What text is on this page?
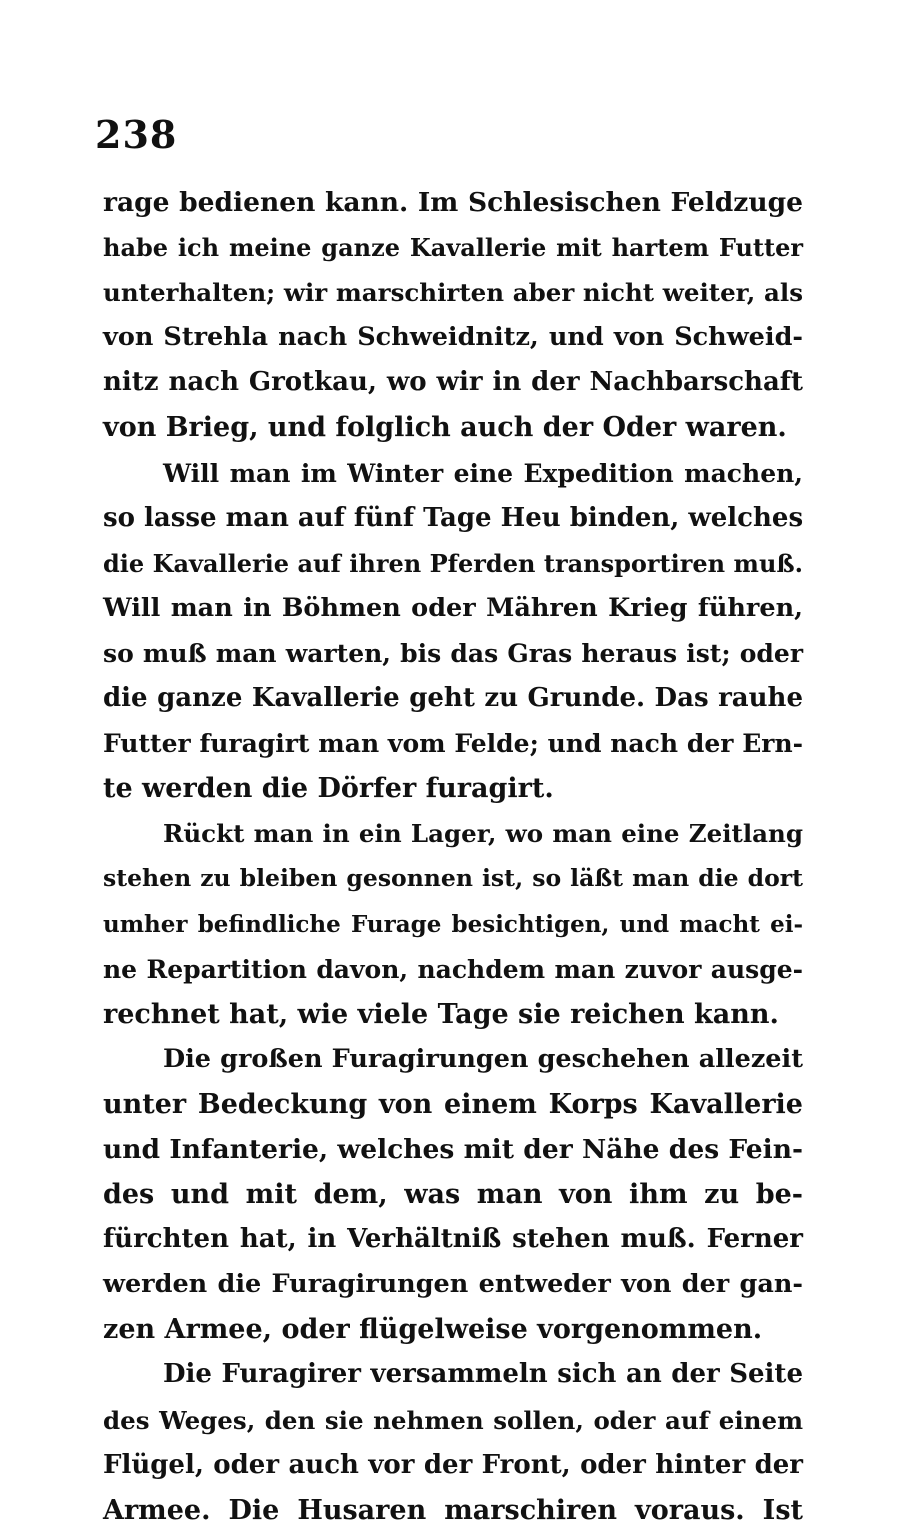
238
rage bedienen kann. Im Schlesischen Feldzuge
habe ich meine ganze Kavallerie mit hartem Futter
unterhalten; wir marschirten aber nicht weiter, als
von Strehla nach Schweidnitz, und von Schweid-
nitz nach Grotkau, wo wir in der Nachbarschaft
von Brieg, und folglich auch der Oder waren.
Will man im Winter eine Expedition machen,
so lasse man auf fünf Tage Heu binden, welches
die Kavallerie auf ihren Pferden transportiren muß.
Will man in Böhmen oder Mähren Krieg führen,
so muß man warten, bis das Gras heraus ist; oder
die ganze Kavallerie geht zu Grunde. Das rauhe
Futter furagirt man vom Felde; und nach der Ern-
te werden die Dörfer furagirt.
Rückt man in ein Lager, wo man eine Zeitlang
stehen zu bleiben gesonnen ist, so läßt man die dort
umher befindliche Furage besichtigen, und macht ei-
ne Repartition davon, nachdem man zuvor ausge-
rechnet hat, wie viele Tage sie reichen kann.
Die großen Furagirungen geschehen allezeit
unter Bedeckung von einem Korps Kavallerie
und Infanterie, welches mit der Nähe des Fein-
des und mit dem, was man von ihm zu be-
fürchten hat, in Verhältniß stehen muß. Ferner
werden die Furagirungen entweder von der gan-
zen Armee, oder flügelweise vorgenommen.
Die Furagirer versammeln sich an der Seite
des Weges, den sie nehmen sollen, oder auf einem
Flügel, oder auch vor der Front, oder hinter der
Armee. Die Husaren marschiren voraus. Ist
